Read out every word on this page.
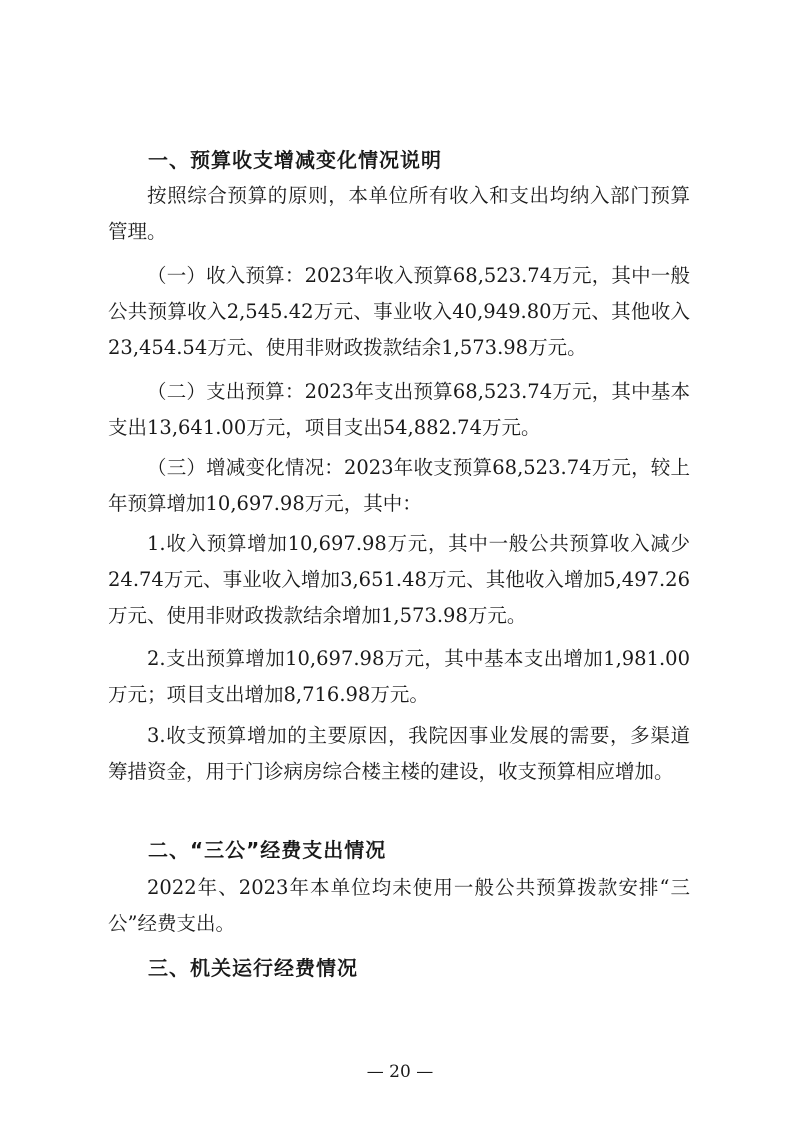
一、预算收支增减变化情况说明
按照综合预算的原则，本单位所有收入和支出均纳入部门预算管理。
（一）收入预算：2023年收入预算68,523.74万元，其中一般公共预算收入2,545.42万元、事业收入40,949.80万元、其他收入23,454.54万元、使用非财政拨款结余1,573.98万元。
（二）支出预算：2023年支出预算68,523.74万元，其中基本支出13,641.00万元，项目支出54,882.74万元。
（三）增减变化情况：2023年收支预算68,523.74万元，较上年预算增加10,697.98万元，其中：
1.收入预算增加10,697.98万元，其中一般公共预算收入减少24.74万元、事业收入增加3,651.48万元、其他收入增加5,497.26万元、使用非财政拨款结余增加1,573.98万元。
2.支出预算增加10,697.98万元，其中基本支出增加1,981.00万元；项目支出增加8,716.98万元。
3.收支预算增加的主要原因，我院因事业发展的需要，多渠道筹措资金，用于门诊病房综合楼主楼的建设，收支预算相应增加。
二、“三公”经费支出情况
2022年、2023年本单位均未使用一般公共预算拨款安排“三公”经费支出。
三、机关运行经费情况
— 20 —
